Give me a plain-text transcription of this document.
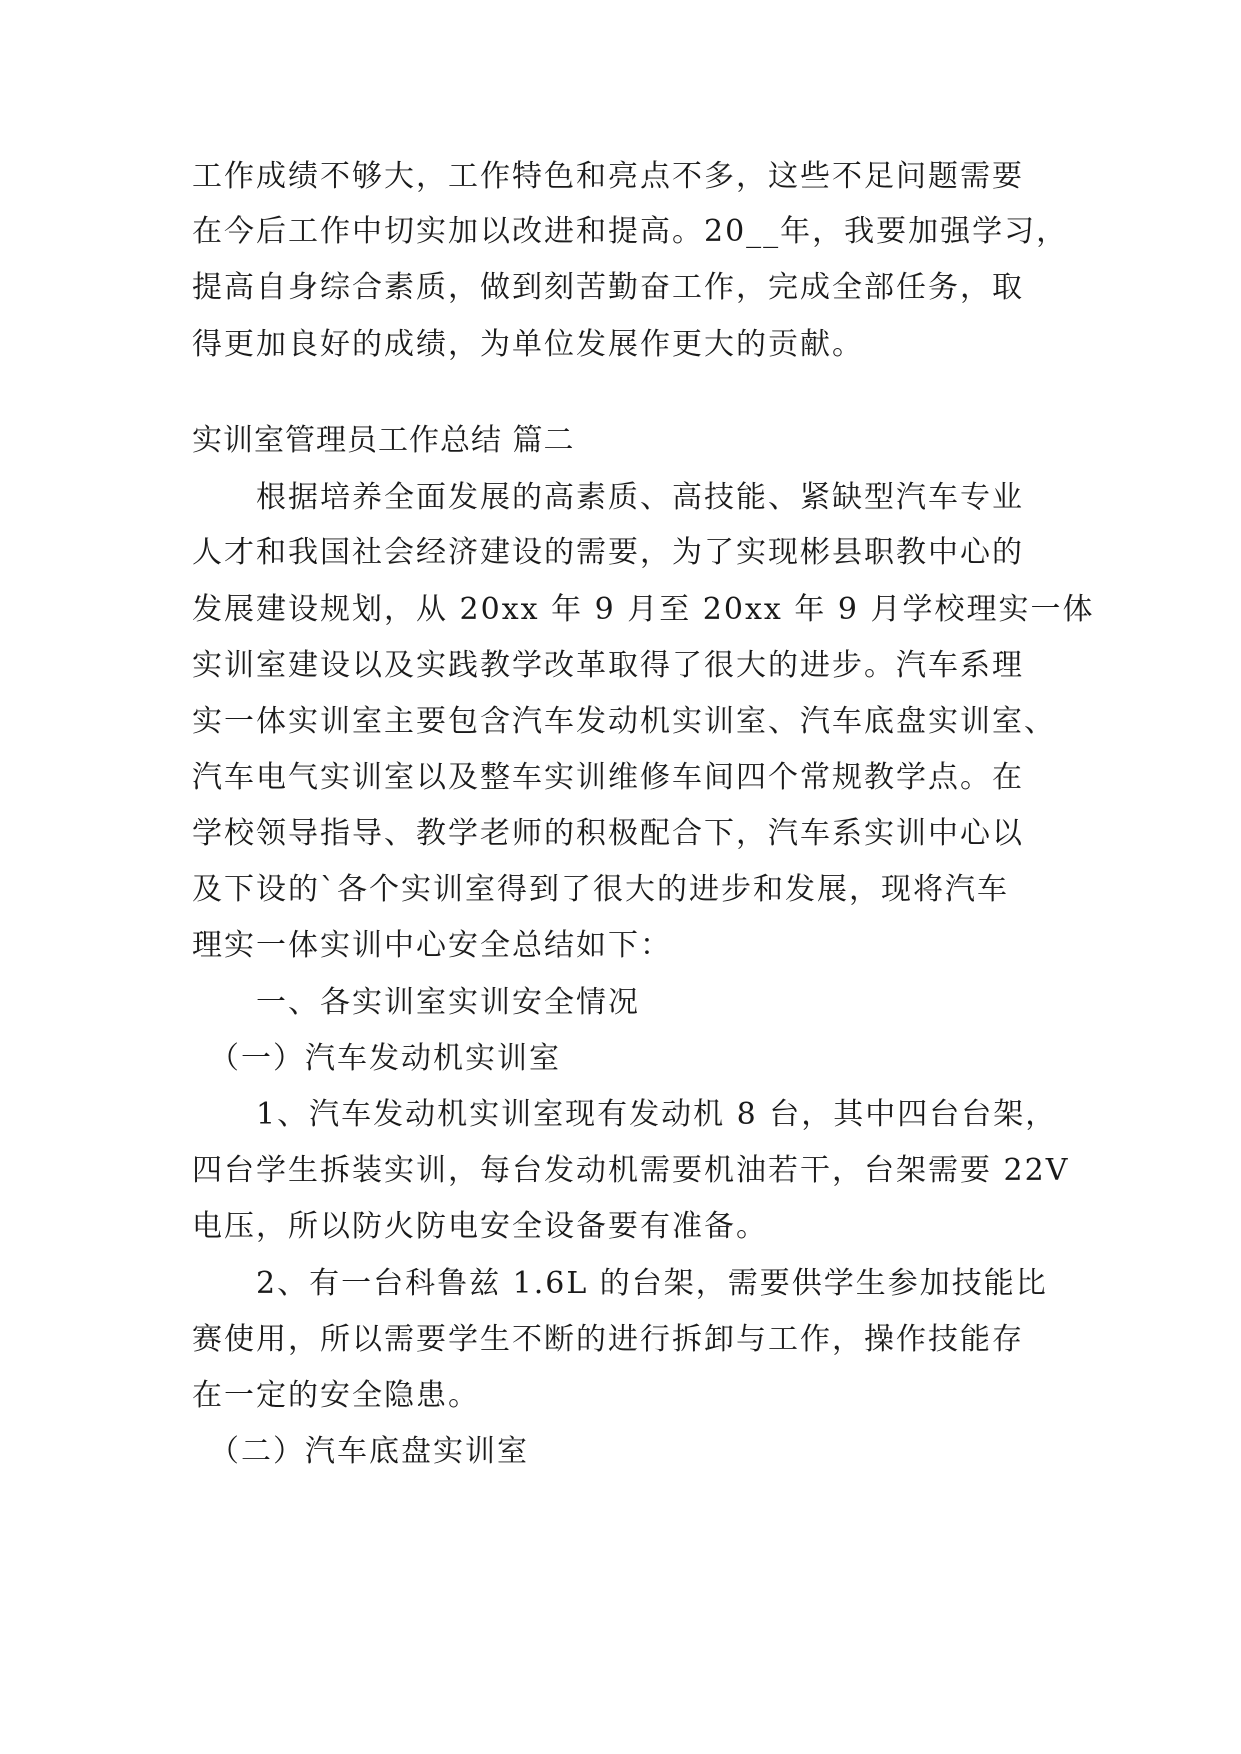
工作成绩不够大，工作特色和亮点不多，这些不足问题需要
在今后工作中切实加以改进和提高。20__年，我要加强学习，
提高自身综合素质，做到刻苦勤奋工作，完成全部任务，取
得更加良好的成绩，为单位发展作更大的贡献。
实训室管理员工作总结 篇二
　　根据培养全面发展的高素质、高技能、紧缺型汽车专业
人才和我国社会经济建设的需要，为了实现彬县职教中心的
发展建设规划，从 20xx 年 9 月至 20xx 年 9 月学校理实一体
实训室建设以及实践教学改革取得了很大的进步。汽车系理
实一体实训室主要包含汽车发动机实训室、汽车底盘实训室、
汽车电气实训室以及整车实训维修车间四个常规教学点。在
学校领导指导、教学老师的积极配合下，汽车系实训中心以
及下设的`各个实训室得到了很大的进步和发展，现将汽车
理实一体实训中心安全总结如下：
　　一、各实训室实训安全情况
　（一）汽车发动机实训室
　　1、汽车发动机实训室现有发动机 8 台，其中四台台架，
四台学生拆装实训，每台发动机需要机油若干，台架需要 22V
电压，所以防火防电安全设备要有准备。
　　2、有一台科鲁兹 1.6L 的台架，需要供学生参加技能比
赛使用，所以需要学生不断的进行拆卸与工作，操作技能存
在一定的安全隐患。
　（二）汽车底盘实训室
